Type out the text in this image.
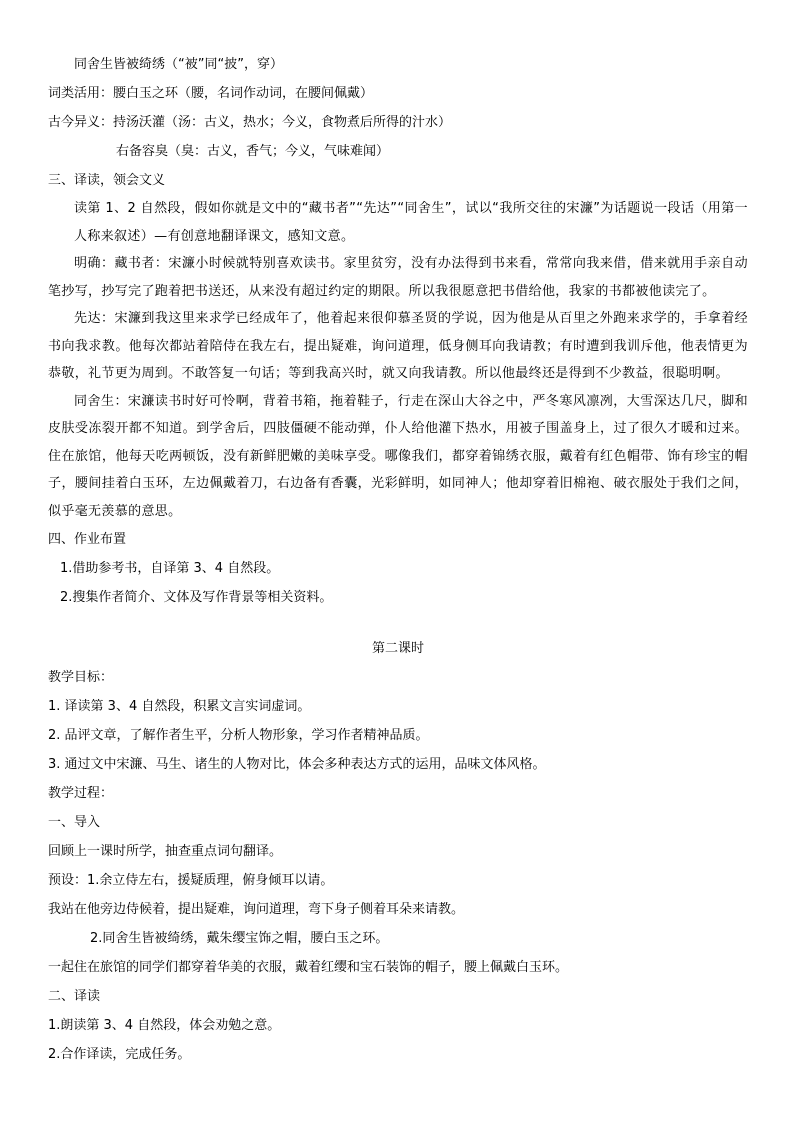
同舍生皆被绮绣（“被”同“披”，穿）

词类活用：腰白玉之环（腰，名词作动词，在腰间佩戴）

古今异义：持汤沃灌（汤：古义，热水；今义，食物煮后所得的汁水）

右备容臭（臭：古义，香气；今义，气味难闻）

三、译读，领会文义

读第 1、2 自然段，假如你就是文中的“藏书者”“先达”“同舍生”，试以“我所交往的宋濂”为话题说一段话（用第一人称来叙述）—有创意地翻译课文，感知文意。

明确：藏书者：宋濂小时候就特别喜欢读书。家里贫穷，没有办法得到书来看，常常向我来借，借来就用手亲自动笔抄写，抄写完了跑着把书送还，从来没有超过约定的期限。所以我很愿意把书借给他，我家的书都被他读完了。

先达：宋濂到我这里来求学已经成年了，他着起来很仰慕圣贤的学说，因为他是从百里之外跑来求学的，手拿着经书向我求教。他每次都站着陪侍在我左右，提出疑难，询问道理，低身侧耳向我请教；有时遭到我训斥他，他表情更为恭敬，礼节更为周到。不敢答复一句话；等到我高兴时，就又向我请教。所以他最终还是得到不少教益，很聪明啊。

同舍生：宋濂读书时好可怜啊，背着书箱，拖着鞋子，行走在深山大谷之中，严冬寒风凛冽，大雪深达几尺，脚和皮肤受冻裂开都不知道。到学舍后，四肢僵硬不能动弹，仆人给他灌下热水，用被子围盖身上，过了很久才暖和过来。住在旅馆，他每天吃两顿饭，没有新鲜肥嫩的美味享受。哪像我们，都穿着锦绣衣服，戴着有红色帽带、饰有珍宝的帽子，腰间挂着白玉环，左边佩戴着刀，右边备有香囊，光彩鲜明，如同神人；他却穿着旧棉袍、破衣服处于我们之间，似乎毫无羡慕的意思。

四、作业布置

1.借助参考书，自译第 3、4 自然段。

2.搜集作者简介、文体及写作背景等相关资料。

第二课时

教学目标：

1. 译读第 3、4 自然段，积累文言实词虚词。

2. 品评文章，了解作者生平，分析人物形象，学习作者精神品质。

3. 通过文中宋濂、马生、诸生的人物对比，体会多种表达方式的运用，品味文体风格。

教学过程：

一、导入

回顾上一课时所学，抽查重点词句翻译。

预设：1.余立侍左右，援疑质理，俯身倾耳以请。

我站在他旁边侍候着，提出疑难，询问道理，弯下身子侧着耳朵来请教。

2.同舍生皆被绮绣，戴朱缨宝饰之帽，腰白玉之环。

一起住在旅馆的同学们都穿着华美的衣服，戴着红缨和宝石装饰的帽子，腰上佩戴白玉环。

二、译读

1.朗读第 3、4 自然段，体会劝勉之意。

2.合作译读，完成任务。
